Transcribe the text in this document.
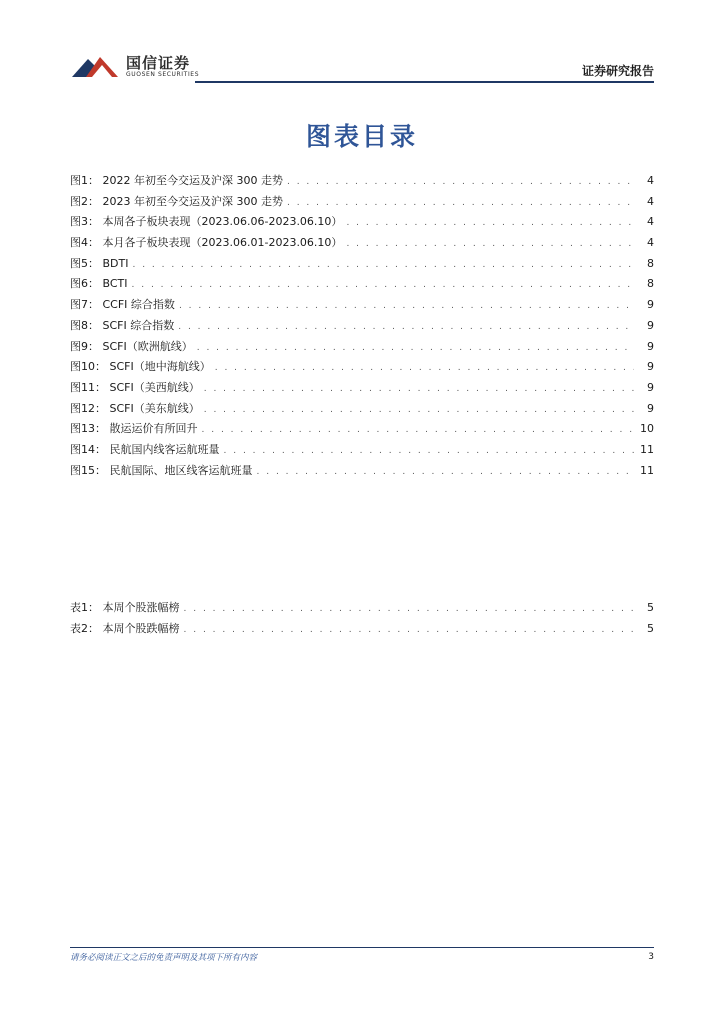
国信证券
GUOSEN SECURITIES	证券研究报告
图表目录
图1： 2022 年初至今交运及沪深 300 走势 . . .	4
图2： 2023 年初至今交运及沪深 300 走势 . . .	4
图3： 本周各子板块表现（2023.06.06-2023.06.10） . . .	4
图4： 本月各子板块表现（2023.06.01-2023.06.10） . . .	4
图5： BDTI . . .	8
图6： BCTI . . .	8
图7： CCFI 综合指数 . . .	9
图8： SCFI 综合指数 . . .	9
图9： SCFI（欧洲航线） . . .	9
图10： SCFI（地中海航线） . . .	9
图11： SCFI（美西航线） . . .	9
图12： SCFI（美东航线） . . .	9
图13： 散运运价有所回升 . . .	10
图14： 民航国内线客运航班量 . . .	11
图15： 民航国际、地区线客运航班量 . . .	11
表1： 本周个股涨幅榜 . . .	5
表2： 本周个股跌幅榜 . . .	5
请务必阅读正文之后的免责声明及其项下所有内容	3
